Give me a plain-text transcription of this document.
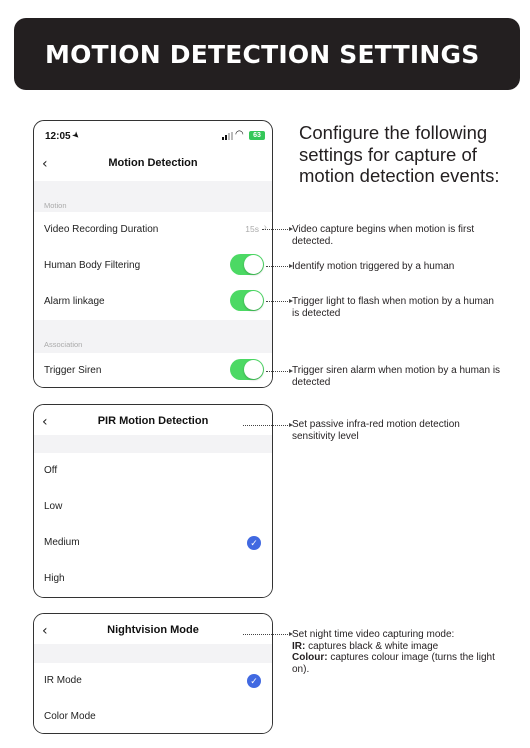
MOTION DETECTION SETTINGS
Configure the following settings for capture of motion detection events:
12:05 ➤	◠	63
‹	Motion Detection
Motion
Video Recording Duration	15s ›
Human Body Filtering
Alarm linkage
Association
Trigger Siren
‹	PIR Motion Detection
Off
Low
Medium	✓
High
‹	Nightvision Mode
IR Mode	✓
Color Mode
Video capture begins when motion is first detected.
Identify motion triggered by a human
Trigger light to flash when motion by a human is detected
Trigger siren alarm when motion by a human is detected
Set passive infra-red motion detection sensitivity level
Set night time video capturing mode:
IR: captures black & white image
Colour: captures colour image (turns the light on).
